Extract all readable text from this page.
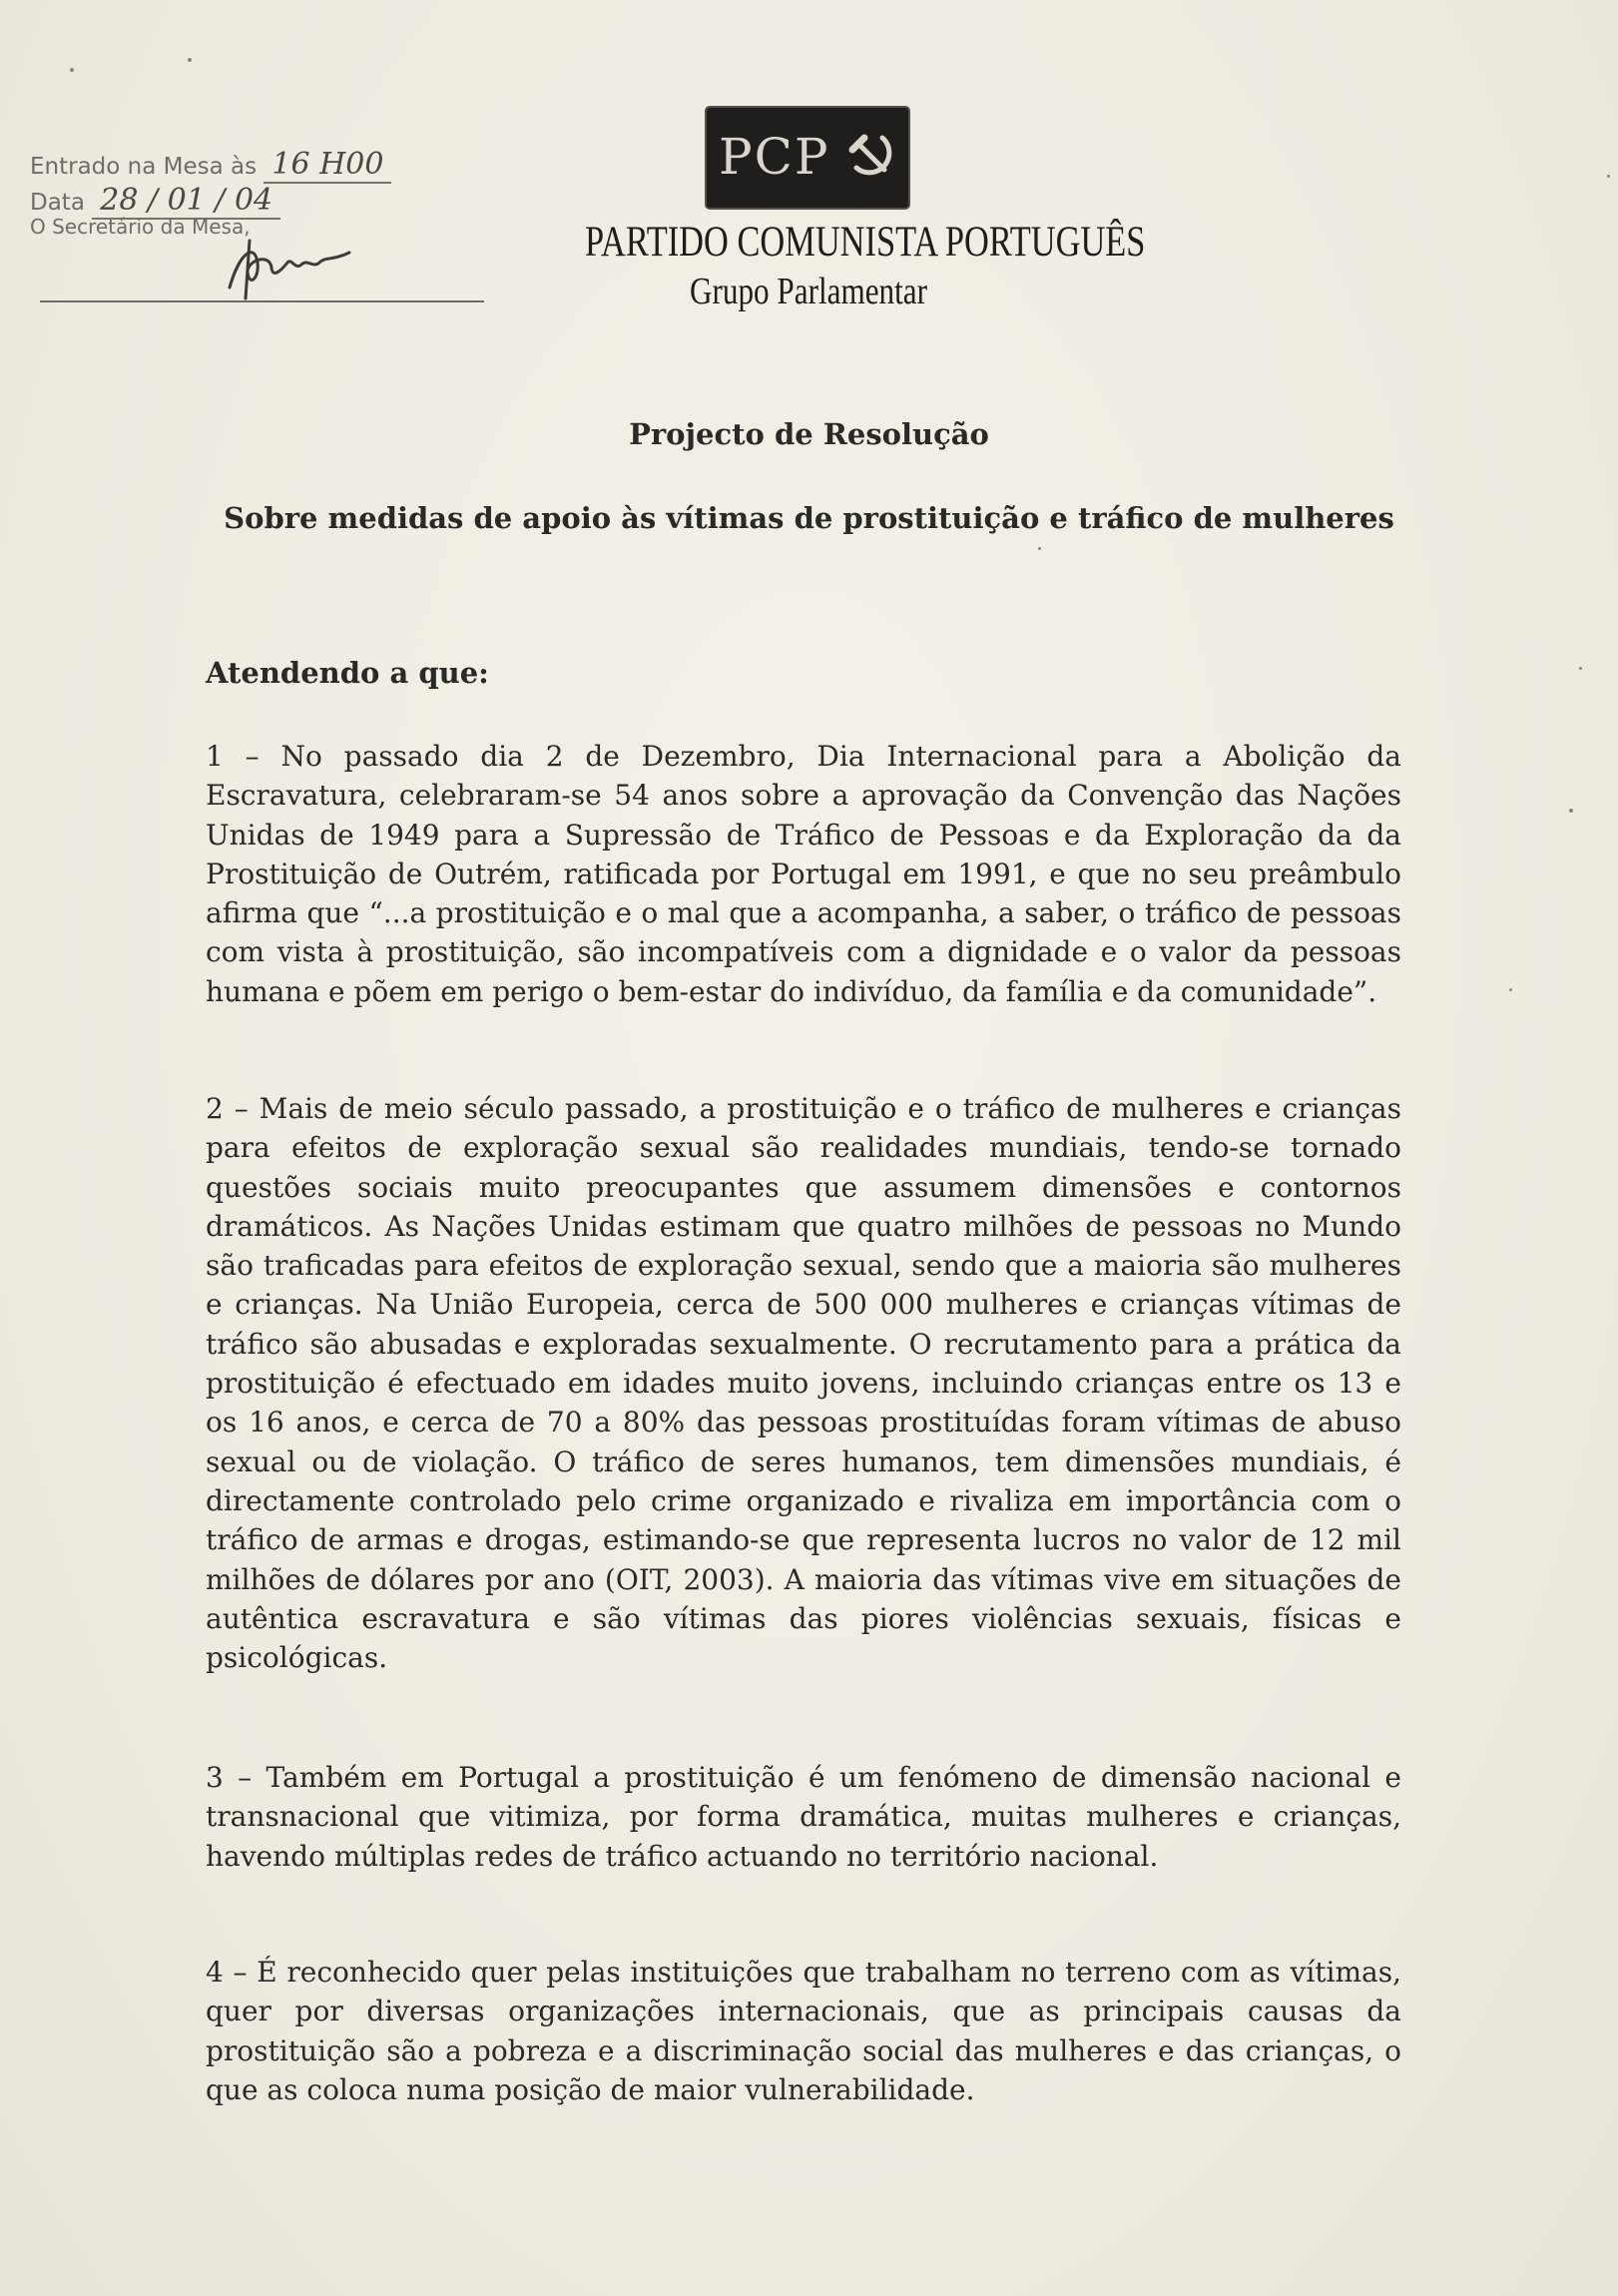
Entrado na Mesa às 16 H00
Data 28 / 01 / 04
O Secretário da Mesa,
PCP
PARTIDO COMUNISTA PORTUGUÊS
Grupo Parlamentar
Projecto de Resolução
Sobre medidas de apoio às vítimas de prostituição e tráfico de mulheres
Atendendo a que:

1 – No passado dia 2 de Dezembro, Dia Internacional para a Abolição da Escravatura, celebraram-se 54 anos sobre a aprovação da Convenção das Nações Unidas de 1949 para a Supressão de Tráfico de Pessoas e da Exploração da da Prostituição de Outrém, ratificada por Portugal em 1991, e que no seu preâmbulo afirma que “...a prostituição e o mal que a acompanha, a saber, o tráfico de pessoas com vista à prostituição, são incompatíveis com a dignidade e o valor da pessoas humana e põem em perigo o bem-estar do indivíduo, da família e da comunidade”.

2 – Mais de meio século passado, a prostituição e o tráfico de mulheres e crianças para efeitos de exploração sexual são realidades mundiais, tendo-se tornado questões sociais muito preocupantes que assumem dimensões e contornos dramáticos. As Nações Unidas estimam que quatro milhões de pessoas no Mundo são traficadas para efeitos de exploração sexual, sendo que a maioria são mulheres e crianças. Na União Europeia, cerca de 500 000 mulheres e crianças vítimas de tráfico são abusadas e exploradas sexualmente. O recrutamento para a prática da prostituição é efectuado em idades muito jovens, incluindo crianças entre os 13 e os 16 anos, e cerca de 70 a 80% das pessoas prostituídas foram vítimas de abuso sexual ou de violação. O tráfico de seres humanos, tem dimensões mundiais, é directamente controlado pelo crime organizado e rivaliza em importância com o tráfico de armas e drogas, estimando-se que representa lucros no valor de 12 mil milhões de dólares por ano (OIT, 2003). A maioria das vítimas vive em situações de autêntica escravatura e são vítimas das piores violências sexuais, físicas e psicológicas.

3 – Também em Portugal a prostituição é um fenómeno de dimensão nacional e transnacional que vitimiza, por forma dramática, muitas mulheres e crianças, havendo múltiplas redes de tráfico actuando no território nacional.

4 – É reconhecido quer pelas instituições que trabalham no terreno com as vítimas, quer por diversas organizações internacionais, que as principais causas da prostituição são a pobreza e a discriminação social das mulheres e das crianças, o que as coloca numa posição de maior vulnerabilidade.
